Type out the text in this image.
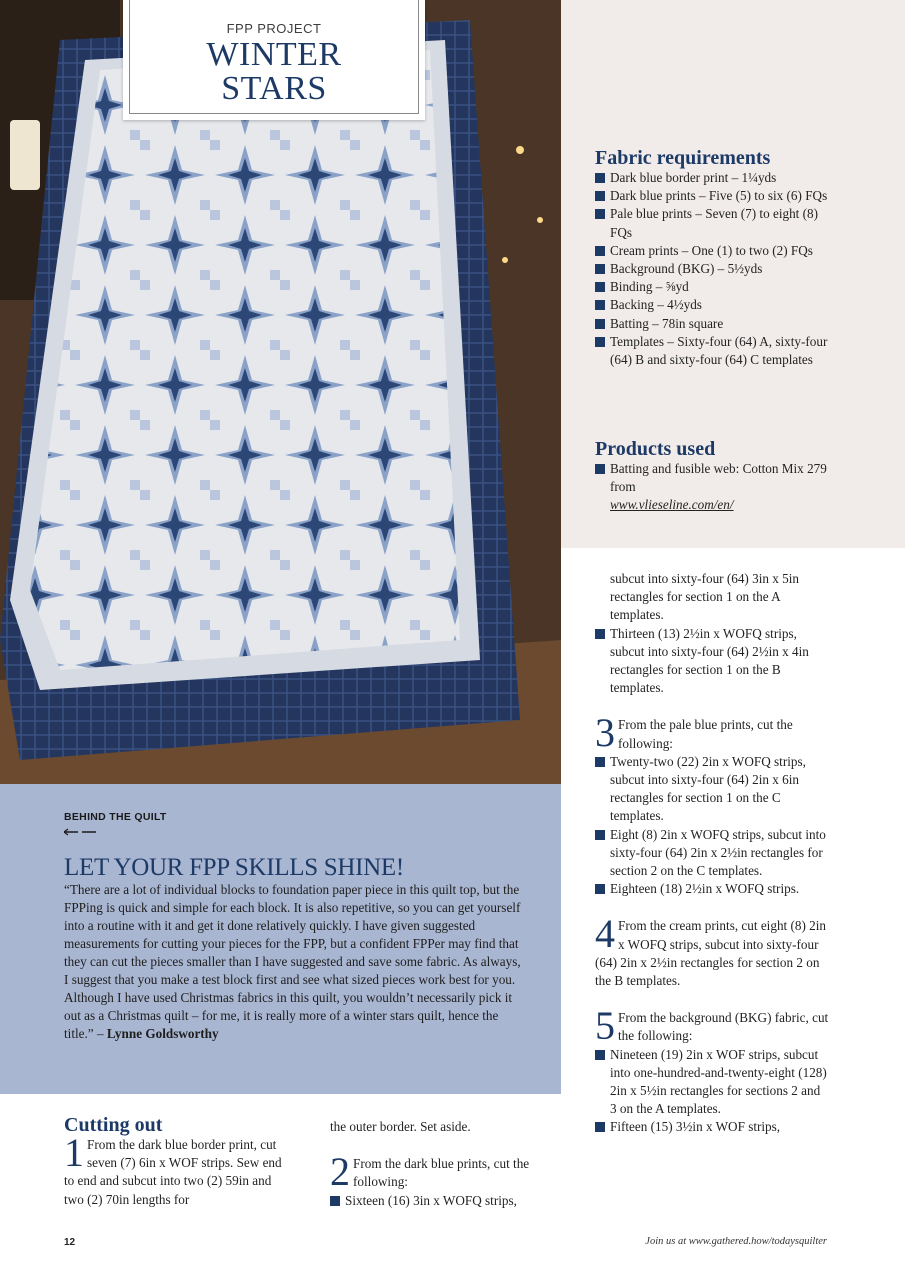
FPP PROJECT
WINTER
STARS
Fabric requirements
Dark blue border print – 1¼yds
Dark blue prints – Five (5) to six (6) FQs
Pale blue prints – Seven (7) to eight (8) FQs
Cream prints – One (1) to two (2) FQs
Background (BKG) – 5½yds
Binding – ⅝yd
Backing – 4½yds
Batting – 78in square
Templates – Sixty-four (64) A, sixty-four (64) B and sixty-four (64) C templates
Products used
Batting and fusible web: Cotton Mix 279 from
www.vlieseline.com/en/
BEHIND THE QUILT
LET YOUR FPP SKILLS SHINE!
“There are a lot of individual blocks to foundation paper piece in this quilt top, but the FPPing is quick and simple for each block. It is also repetitive, so you can get yourself into a routine with it and get it done relatively quickly. I have given suggested measurements for cutting your pieces for the FPP, but a confident FPPer may find that they can cut the pieces smaller than I have suggested and save some fabric. As always, I suggest that you make a test block first and see what sized pieces work best for you. Although I have used Christmas fabrics in this quilt, you wouldn’t necessarily pick it out as a Christmas quilt – for me, it is really more of a winter stars quilt, hence the title.” – Lynne Goldsworthy
Cutting out
1 From the dark blue border print, cut seven (7) 6in x WOF strips. Sew end to end and subcut into two (2) 59in and two (2) 70in lengths for
the outer border. Set aside.
2 From the dark blue prints, cut the following:
Sixteen (16) 3in x WOFQ strips,
subcut into sixty-four (64) 3in x 5in rectangles for section 1 on the A templates.
Thirteen (13) 2½in x WOFQ strips, subcut into sixty-four (64) 2½in x 4in rectangles for section 1 on the B templates.
3 From the pale blue prints, cut the following:
Twenty-two (22) 2in x WOFQ strips, subcut into sixty-four (64) 2in x 6in rectangles for section 1 on the C templates.
Eight (8) 2in x WOFQ strips, subcut into sixty-four (64) 2in x 2½in rectangles for section 2 on the C templates.
Eighteen (18) 2½in x WOFQ strips.
4 From the cream prints, cut eight (8) 2in x WOFQ strips, subcut into sixty-four (64) 2in x 2½in rectangles for section 2 on the B templates.
5 From the background (BKG) fabric, cut the following:
Nineteen (19) 2in x WOF strips, subcut into one-hundred-and-twenty-eight (128) 2in x 5½in rectangles for sections 2 and 3 on the A templates.
Fifteen (15) 3½in x WOF strips,
12	Join us at www.gathered.how/todaysquilter
